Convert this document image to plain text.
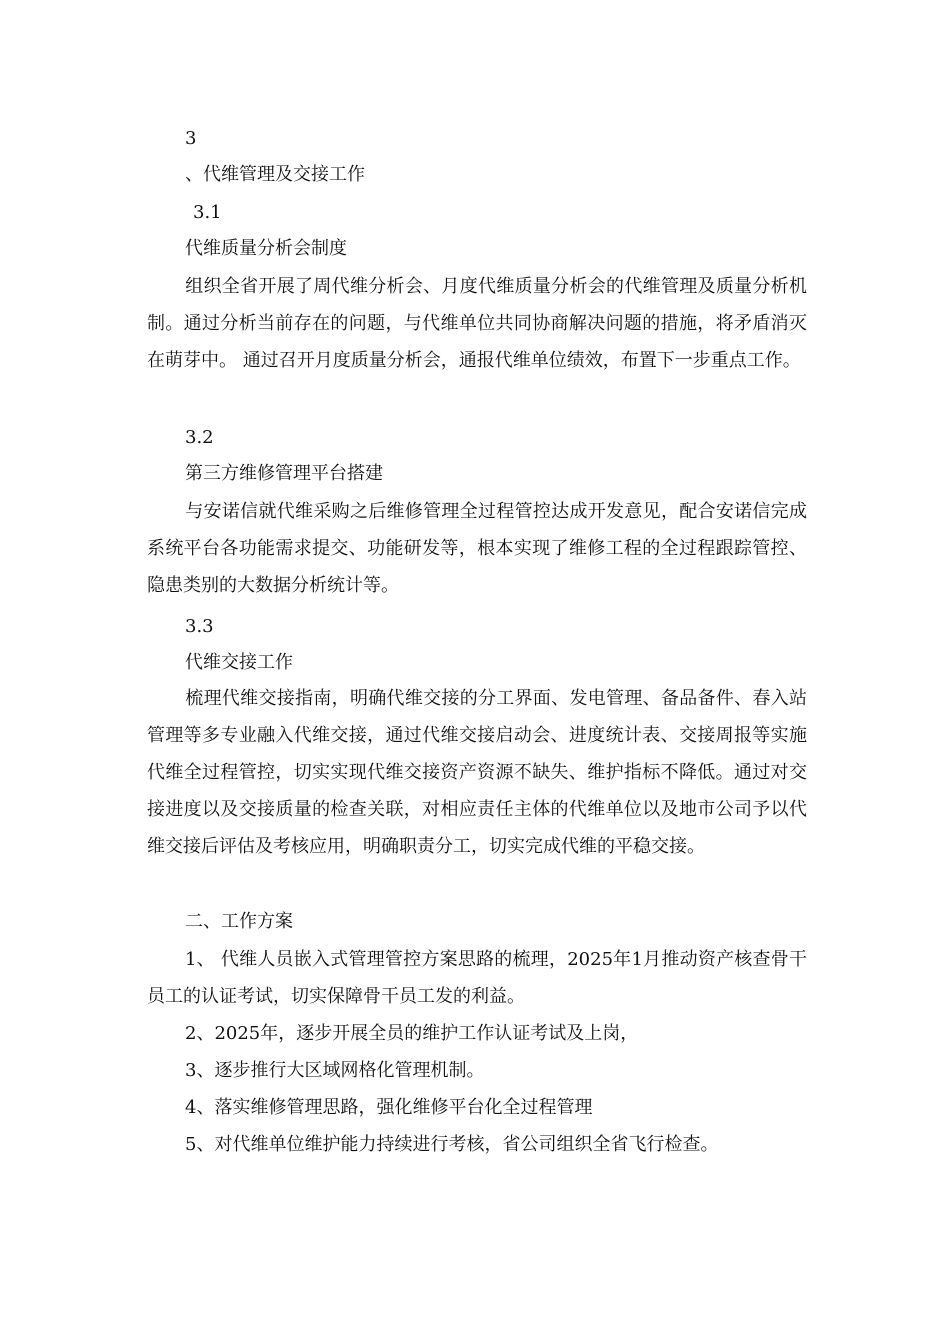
3
、代维管理及交接工作
3.1
代维质量分析会制度
组织全省开展了周代维分析会、月度代维质量分析会的代维管理及质量分析机制。通过分析当前存在的问题，与代维单位共同协商解决问题的措施，将矛盾消灭在萌芽中。 通过召开月度质量分析会，通报代维单位绩效，布置下一步重点工作。
3.2
第三方维修管理平台搭建
与安诺信就代维采购之后维修管理全过程管控达成开发意见，配合安诺信完成系统平台各功能需求提交、功能研发等，根本实现了维修工程的全过程跟踪管控、隐患类别的大数据分析统计等。
3.3
代维交接工作
梳理代维交接指南，明确代维交接的分工界面、发电管理、备品备件、春入站管理等多专业融入代维交接，通过代维交接启动会、进度统计表、交接周报等实施代维全过程管控，切实实现代维交接资产资源不缺失、维护指标不降低。通过对交接进度以及交接质量的检查关联，对相应责任主体的代维单位以及地市公司予以代维交接后评估及考核应用，明确职责分工，切实完成代维的平稳交接。
二、工作方案
1、 代维人员嵌入式管理管控方案思路的梳理，2025年1月推动资产核查骨干员工的认证考试，切实保障骨干员工发的利益。
2、2025年，逐步开展全员的维护工作认证考试及上岗，
3、逐步推行大区域网格化管理机制。
4、落实维修管理思路，强化维修平台化全过程管理
5、对代维单位维护能力持续进行考核，省公司组织全省飞行检查。
